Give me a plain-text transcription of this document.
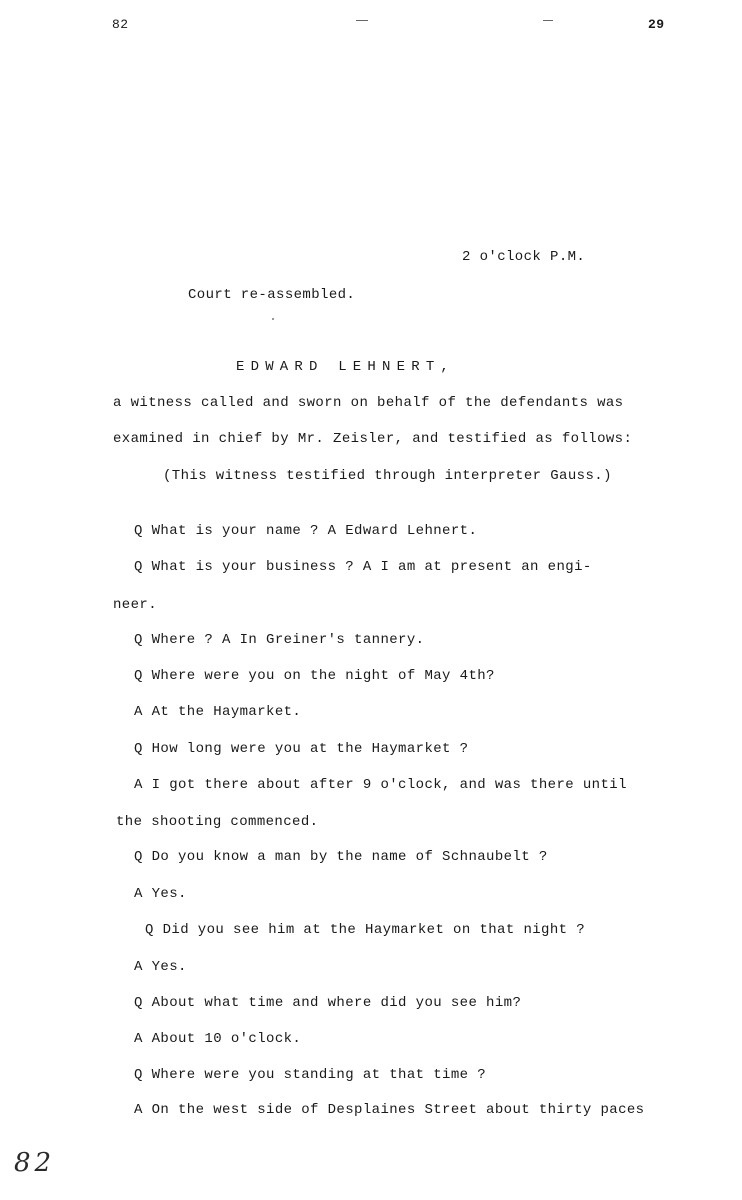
82	29
2 o'clock P.M.
Court re-assembled.
EDWARD LEHNERT,
a witness called and sworn on behalf of the defendants was
examined in chief by Mr. Zeisler, and testified as follows:
(This witness testified through interpreter Gauss.)
Q What is your name ? A Edward Lehnert.
Q What is your business ? A I am at present an engi-
neer.
Q Where ? A In Greiner's tannery.
Q Where were you on the night of May 4th?
A At the Haymarket.
Q How long were you at the Haymarket ?
A I got there about after 9 o'clock, and was there until
the shooting commenced.
Q Do you know a man by the name of Schnaubelt ?
A Yes.
Q Did you see him at the Haymarket on that night ?
A Yes.
Q About what time and where did you see him?
A About 10 o'clock.
Q Where were you standing at that time ?
A On the west side of Desplaines Street about thirty paces
82
